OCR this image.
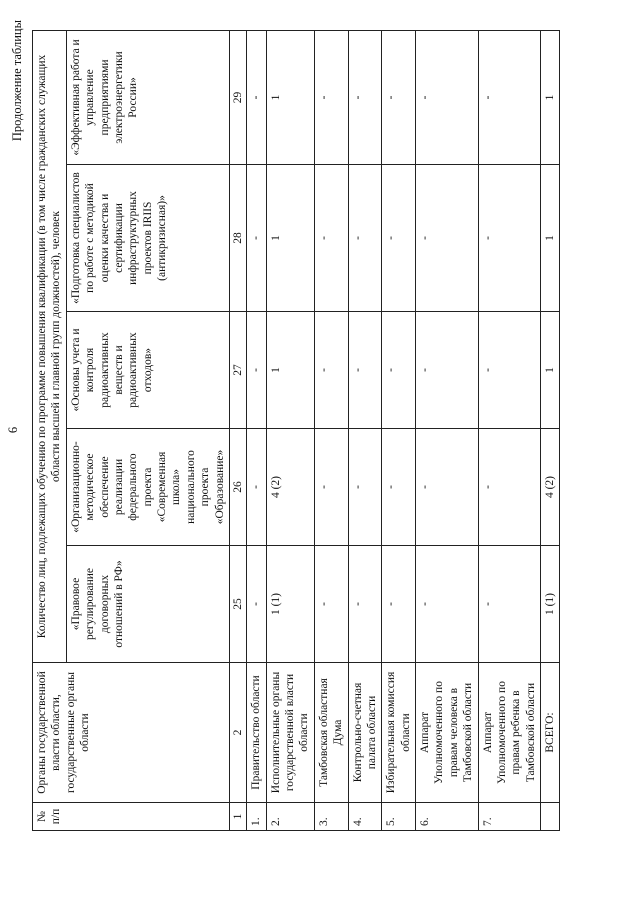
6
Продолжение таблицы
№ п/п	Органы государственной власти области, государственные органы области	Количество лиц, подлежащих обучению по программе повышения квалификации (в том числе гражданских служащих области высшей и главной групп должностей), человек				
		«Правовое регулирование договорных отношений в РФ»	«Организационно-методическое обеспечение реализации федерального проекта «Современная школа» национального проекта «Образование»	«Основы учета и контроля радиоактивных веществ и радиоактивных отходов»	«Подготовка специалистов по работе с методикой оценки качества и сертификации инфраструктурных проектов IRIIS (антикризисная)»	«Эффективная работа и управление предприятиями электроэнергетики России»
1	2	25	26	27	28	29
1.	Правительство области	-	-	-	-	-
2.	Исполнительные органы государственной власти области	1 (1)	4 (2)	1	1	1
3.	Тамбовская областная Дума	-	-	-	-	-
4.	Контрольно-счетная палата области	-	-	-	-	-
5.	Избирательная комиссия области	-	-	-	-	-
6.	Аппарат Уполномоченного по правам человека в Тамбовской области	-	-	-	-	-
7.	Аппарат Уполномоченного по правам ребенка в Тамбовской области	-	-	-	-	-
	ВСЕГО:	1 (1)	4 (2)	1	1	1
